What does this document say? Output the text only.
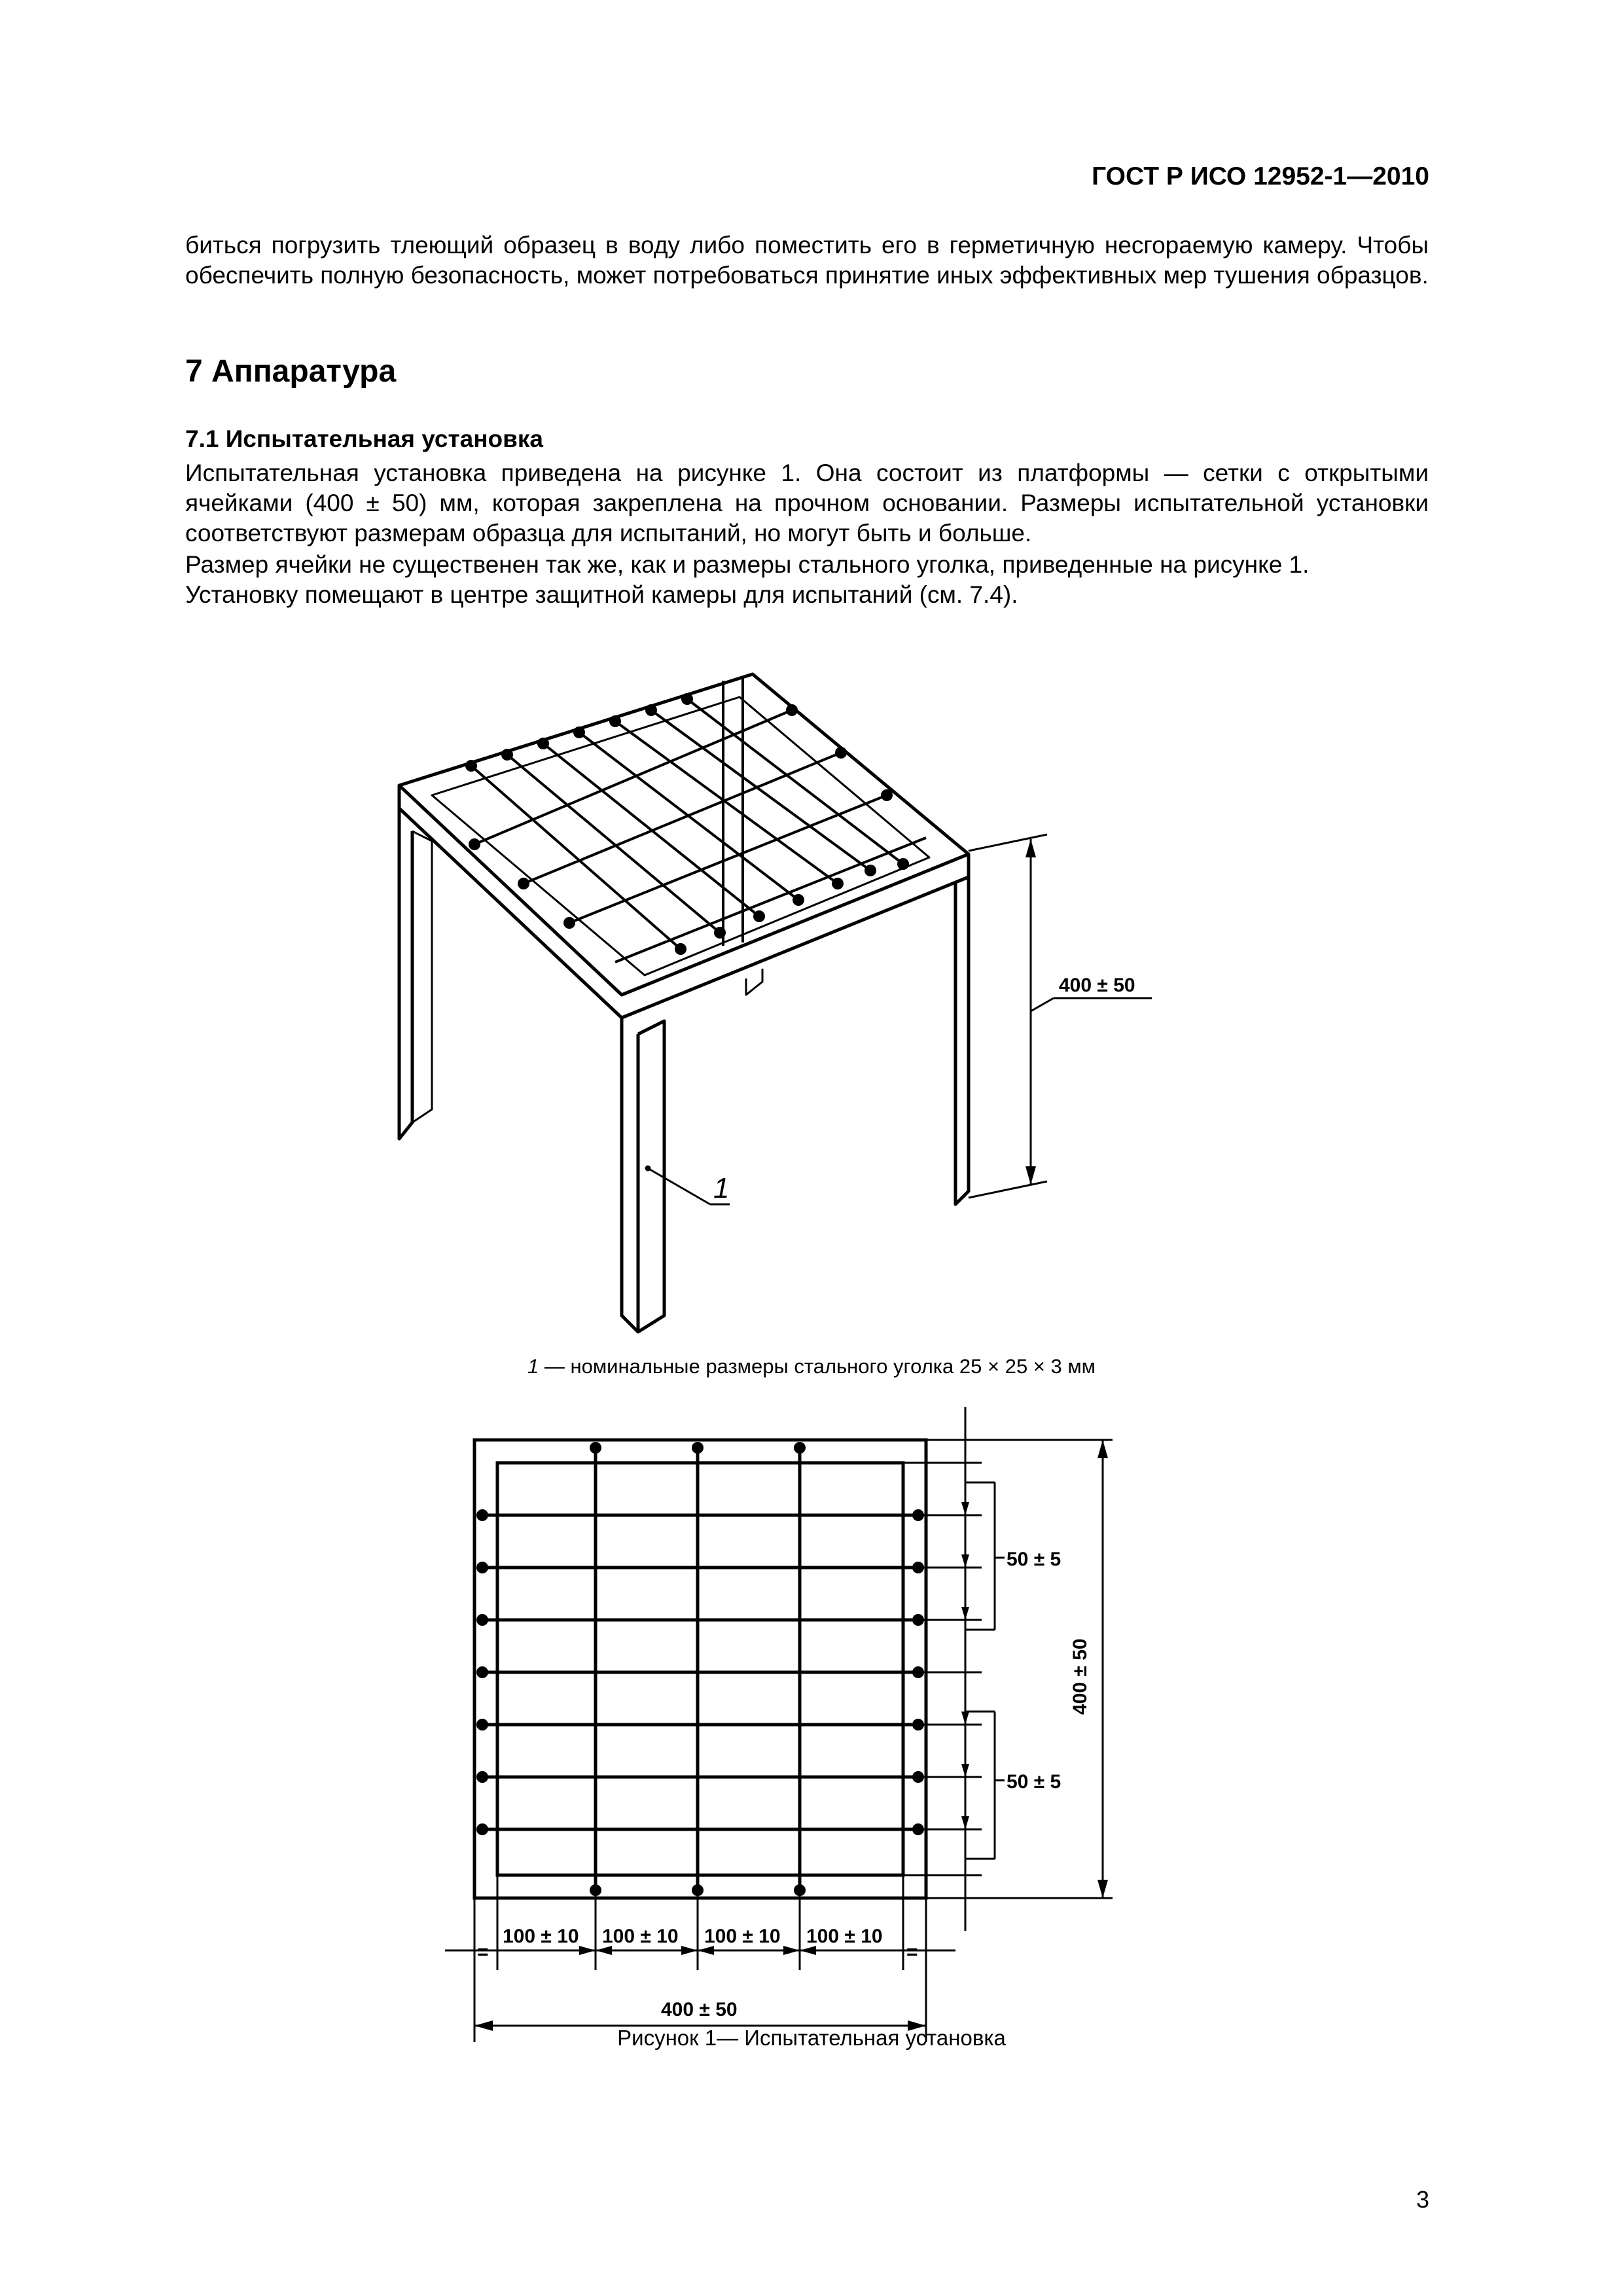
ГОСТ Р ИСО 12952-1—2010
биться погрузить тлеющий образец в воду либо поместить его в герметичную несгораемую камеру. Чтобы обеспечить полную безопасность, может потребоваться принятие иных эффективных мер тушения образцов.
7 Аппаратура
7.1 Испытательная установка
Испытательная установка приведена на рисунке 1. Она состоит из платформы — сетки с открытыми ячейками (400 ± 50) мм, которая закреплена на прочном основании. Размеры испытательной установки соответствуют размерам образца для испытаний, но могут быть и больше.
Размер ячейки не существенен так же, как и размеры стального уголка, приведенные на рисунке 1.
Установку помещают в центре защитной камеры для испытаний (см. 7.4).
400 ± 50
1
50 ± 5
50 ± 5
400 ± 50
100 ± 10 100 ± 10 100 ± 10 100 ± 10
400 ± 50
=	=
1 — номинальные размеры стального уголка 25 × 25 × 3 мм
Рисунок 1— Испытательная установка
3
